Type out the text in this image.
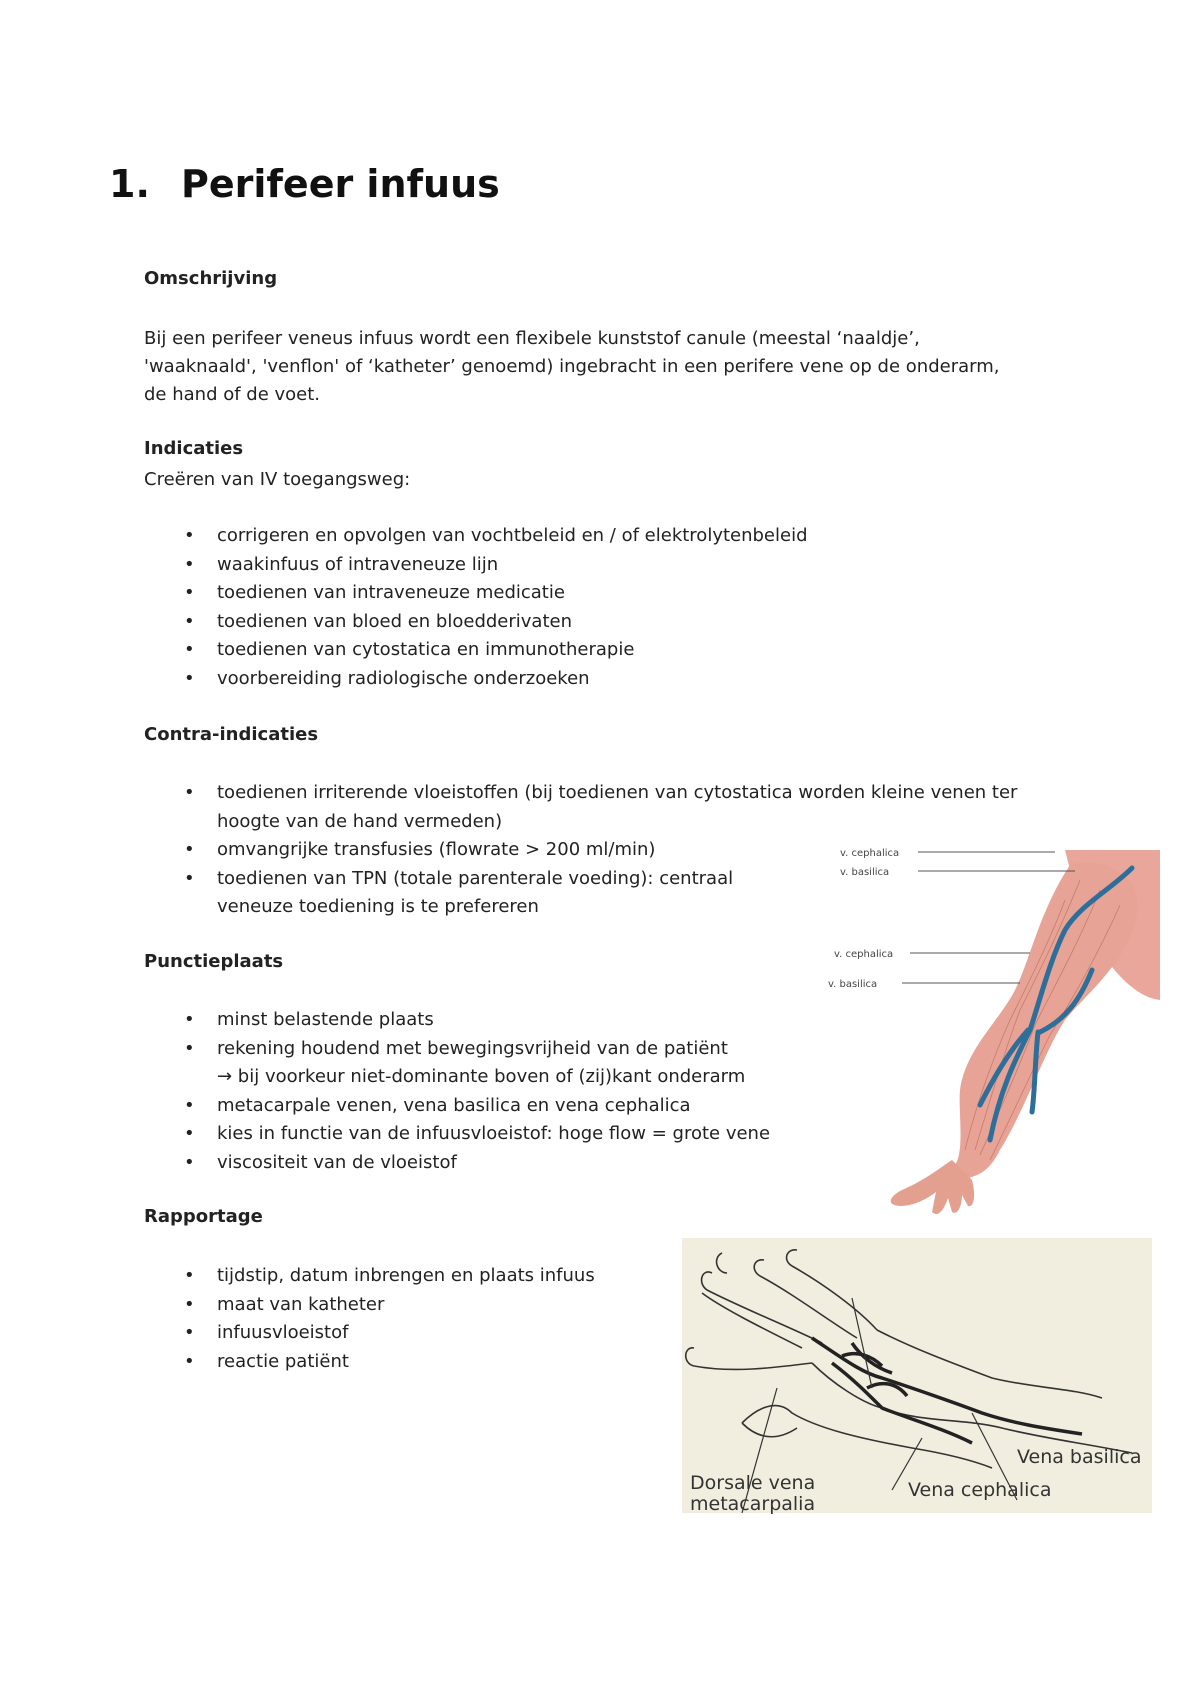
1. Perifeer infuus

Omschrijving

Bij een perifeer veneus infuus wordt een flexibele kunststof canule (meestal ‘naaldje’,

'waaknaald', 'venflon' of ‘katheter’ genoemd) ingebracht in een perifere vene op de onderarm,

de hand of de voet.

Indicaties

Creëren van IV toegangsweg:

• corrigeren en opvolgen van vochtbeleid en / of elektrolytenbeleid
• waakinfuus of intraveneuze lijn
• toedienen van intraveneuze medicatie
• toedienen van bloed en bloedderivaten
• toedienen van cytostatica en immunotherapie
• voorbereiding radiologische onderzoeken

Contra-indicaties

• toedienen irriterende vloeistoffen (bij toedienen van cytostatica worden kleine venen ter
hoogte van de hand vermeden)
• omvangrijke transfusies (flowrate > 200 ml/min)
• toedienen van TPN (totale parenterale voeding): centraal
veneuze toediening is te prefereren

Punctieplaats

• minst belastende plaats
• rekening houdend met bewegingsvrijheid van de patiënt
→ bij voorkeur niet-dominante boven of (zij)kant onderarm
• metacarpale venen, vena basilica en vena cephalica
• kies in functie van de infuusvloeistof: hoge flow = grote vene
• viscositeit van de vloeistof

Rapportage

• tijdstip, datum inbrengen en plaats infuus
• maat van katheter
• infuusvloeistof
• reactie patiënt
v. cephalica
v. basilica
v. cephalica
v. basilica
Vena basilica
Dorsale vena
metacarpalia
Vena cephalica
